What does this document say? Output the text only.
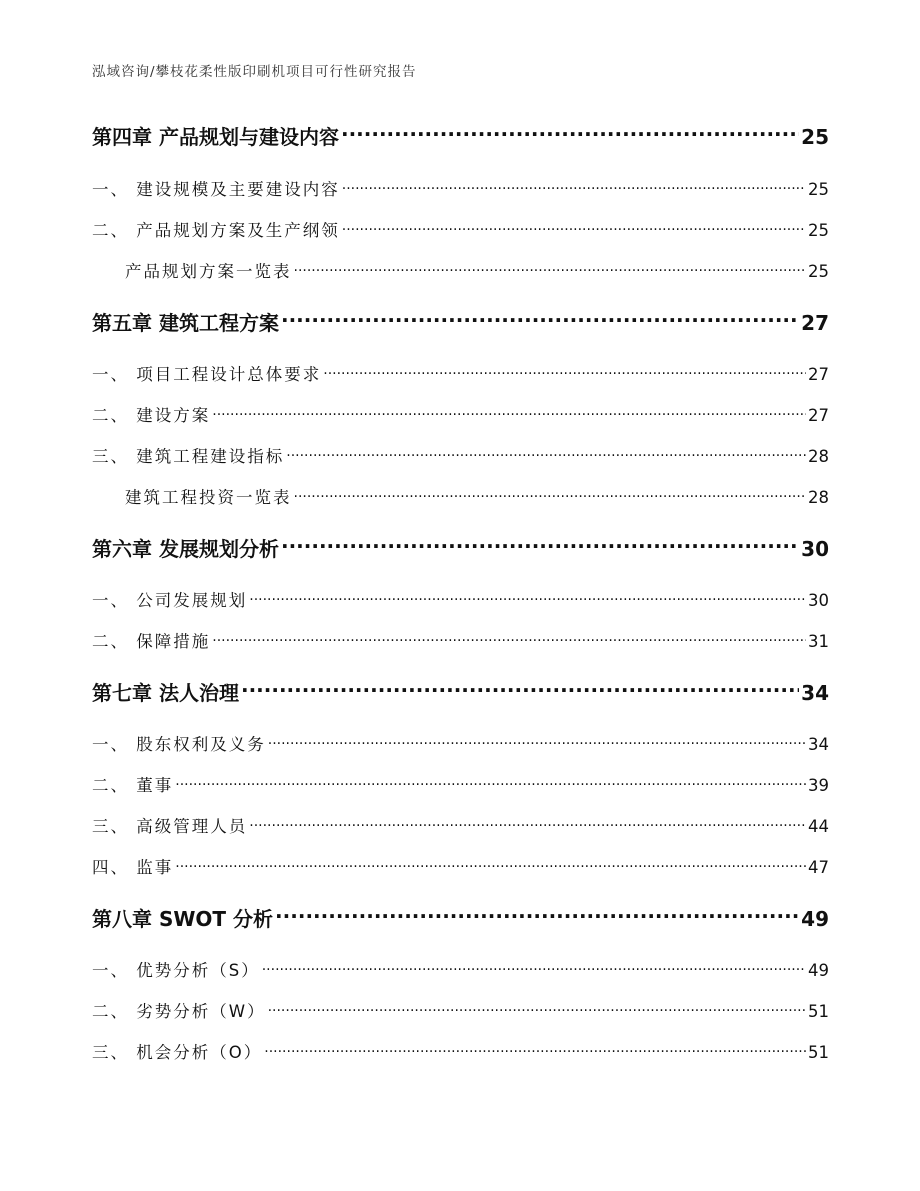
泓域咨询/攀枝花柔性版印刷机项目可行性研究报告
第四章 产品规划与建设内容 .....	25
一、 建设规模及主要建设内容 .....	25
二、 产品规划方案及生产纲领 .....	25
产品规划方案一览表 .....	25
第五章 建筑工程方案 .....	27
一、 项目工程设计总体要求 .....	27
二、 建设方案 .....	27
三、 建筑工程建设指标 .....	28
建筑工程投资一览表 .....	28
第六章 发展规划分析 .....	30
一、 公司发展规划 .....	30
二、 保障措施 .....	31
第七章 法人治理 .....	34
一、 股东权利及义务 .....	34
二、 董事 .....	39
三、 高级管理人员 .....	44
四、 监事 .....	47
第八章 SWOT 分析 .....	49
一、 优势分析（S） .....	49
二、 劣势分析（W） .....	51
三、 机会分析（O） .....	51
